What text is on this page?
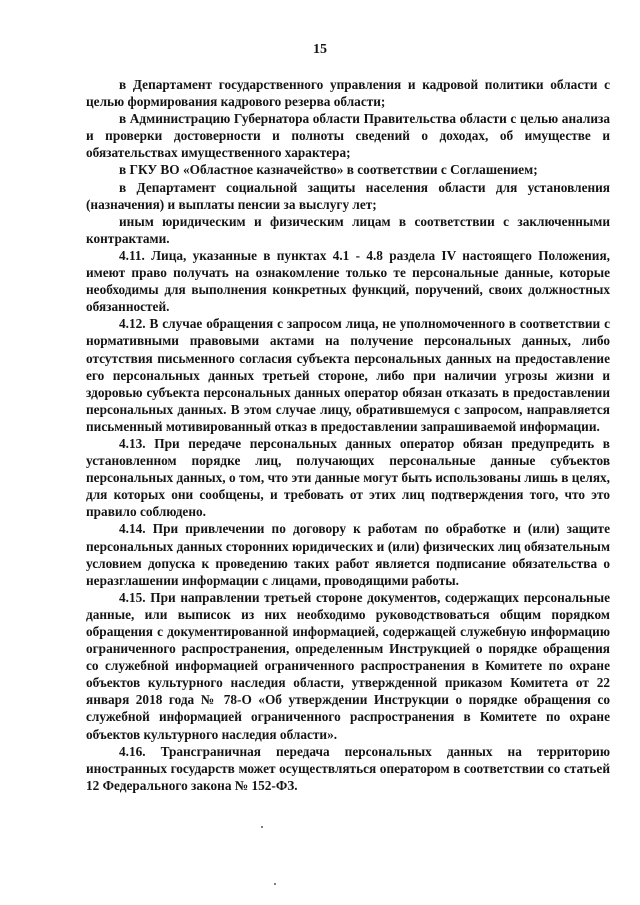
15

в Департамент государственного управления и кадровой политики области с целью формирования кадрового резерва области;

в Администрацию Губернатора области Правительства области с целью анализа и проверки достоверности и полноты сведений о доходах, об имуществе и обязательствах имущественного характера;

в ГКУ ВО «Областное казначейство» в соответствии с Соглашением;

в Департамент социальной защиты населения области для установления (назначения) и выплаты пенсии за выслугу лет;

иным юридическим и физическим лицам в соответствии с заключенными контрактами.

4.11. Лица, указанные в пунктах 4.1 - 4.8 раздела IV настоящего Положения, имеют право получать на ознакомление только те персональные данные, которые необходимы для выполнения конкретных функций, поручений, своих должностных обязанностей.

4.12. В случае обращения с запросом лица, не уполномоченного в соответствии с нормативными правовыми актами на получение персональных данных, либо отсутствия письменного согласия субъекта персональных данных на предоставление его персональных данных третьей стороне, либо при наличии угрозы жизни и здоровью субъекта персональных данных оператор обязан отказать в предоставлении персональных данных. В этом случае лицу, обратившемуся с запросом, направляется письменный мотивированный отказ в предоставлении запрашиваемой информации.

4.13. При передаче персональных данных оператор обязан предупредить в установленном порядке лиц, получающих персональные данные субъектов персональных данных, о том, что эти данные могут быть использованы лишь в целях, для которых они сообщены, и требовать от этих лиц подтверждения того, что это правило соблюдено.

4.14. При привлечении по договору к работам по обработке и (или) защите персональных данных сторонних юридических и (или) физических лиц обязательным условием допуска к проведению таких работ является подписание обязательства о неразглашении информации с лицами, проводящими работы.

4.15. При направлении третьей стороне документов, содержащих персональные данные, или выписок из них необходимо руководствоваться общим порядком обращения с документированной информацией, содержащей служебную информацию ограниченного распространения, определенным Инструкцией о порядке обращения со служебной информацией ограниченного распространения в Комитете по охране объектов культурного наследия области, утвержденной приказом Комитета от 22 января 2018 года № 78-О «Об утверждении Инструкции о порядке обращения со служебной информацией ограниченного распространения в Комитете по охране объектов культурного наследия области».

4.16. Трансграничная передача персональных данных на территорию иностранных государств может осуществляться оператором в соответствии со статьей 12 Федерального закона № 152-ФЗ.
